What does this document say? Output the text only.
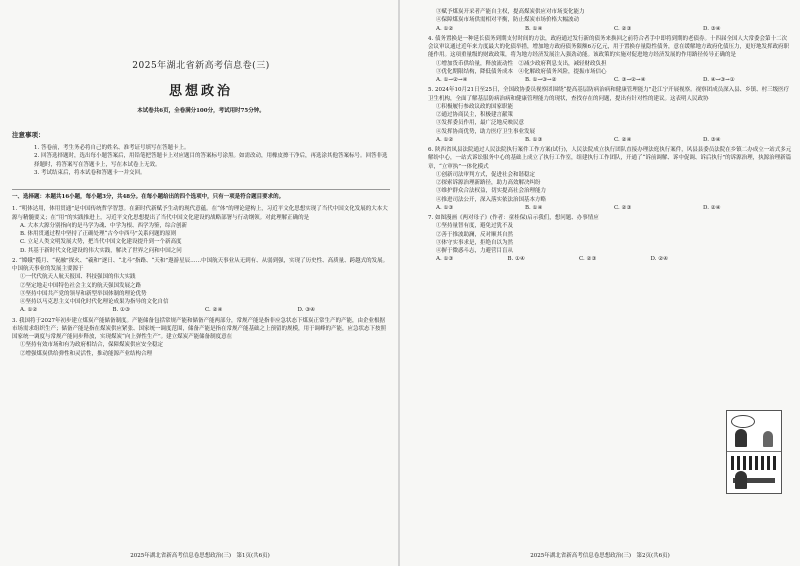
2025年湖北省新高考信息卷(三)
思想政治
本试卷共6页，全卷满分100分，考试用时75分钟。
注意事项：

1. 答卷前，考生务必将自己的姓名、准考证号填写在答题卡上。

2. 回答选择题时，选出每小题答案后，用铅笔把答题卡上对应题目的答案标号涂黑。如需改动，用橡皮擦干净后，再选涂其他答案标号。回答非选择题时，将答案写在答题卡上，写在本试卷上无效。

3. 考试结束后，将本试卷和答题卡一并交回。

一、选择题：本题共16小题，每小题3分，共48分。在每小题给出的四个选项中，只有一项是符合题目要求的。

1. “明体达用，体用贯通”是中国传统哲学智慧。在新时代新赋予生动的现代意蕴。在“体”的理论建构上，习近平文化思想实现了当代中国文化发展的大本大源与精髓要义；在“用”的实践推进上，习近平文化思想提出了当代中国文化建设的战略部署与行动纲领。对此理解正确的是

A. 大本大源分别指向的是马学为魂、中学为根、西学为鉴，综合创新

B. 体用贯通过程中坚持了正确处理“古今中西马”关系问题的原则

C. 立足人类文明发展大势，把当代中国文化建设提升到一个新高度

D. 其基于新时代文化建设的伟大实践，解决了世界之问和中国之问

2. “嫦娥”揽月、“祝融”探火、“羲和”逐日、“北斗”指路、“天和”遨游星辰……中国航天事业从无到有、从弱到强，实现了历史性、高质量、跨越式的发展。中国航天事业的发展主要源于

①一代代航天人航天报国、科技强国的伟大实践

②坚定地走中国特色社会主义的航天强国发展之路

③坚持中国共产党的领导和新型举国体制的理论优势

④坚持以马克思主义中国化时代化理论成果为指导的文化自信

A. ①②	B. ①③	C. ②④	D. ③④

3. 我国将于2027年初步建立煤炭产能储备制度。产能储备包括常规产能和储备产能两部分，常规产能是指非应急状态下煤炭正常生产的产能，由企业根据市场需求组织生产；储备产能是指在煤炭供应紧张、国家统一调度范围，储备产能是指在常规产能基础之上预留的规模，用于调峰的产能，应急状态下按照国家统一调度与常规产能同步释放，实现煤炭“向上弹性生产”。建立煤炭产能储备制度意在

①坚持有效市场和有为政府相结合，保障煤炭供应安全稳定

②增强煤炭供给弹性和灵活性，推动能源产业结构合理

2025年湖北省新高考信息卷思想政治(三)　第1页(共6页)

③赋予煤炭开采者产能自主权，提高煤炭供应对市场变化能力

④保障煤炭市场供需相对平衡，防止煤炭市场价格大幅波动

A. ①②	B. ①④	C. ②③	D. ③④

4. 债务置换是一种延长债务到期支付时间的方法，政府通过发行新的债务来换回之前符合者手中即将到期的老债券。十四届全国人大常委会第十二次会议审议通过近年来力度最大的化债举措，增加地方政府债务限额6万亿元，用于置换存量隐性债务，意在缓解地方政府化债压力，更好地发挥政府职能作用。这项重量级的财政政策，将为地方经济发展注入强劲动能。该政策的实施对促进地方经济发展的作用路径传导正确的是

①增加货币供给量，释放流动性　②减少政府利息支出，减轻财政负担

③优化期限结构，降低债务成本　④化解政府债务风险，提振市场信心

A. ①→②→④	B. ①→③→②	C. ③→②→④	D. ④→③→①

5. 2024年10月21日至25日，全国政协委员视察团围绕“提高基层防病治病和健康管理能力”赴江宁开展视察。视察团成员深入县、乡镇、村三级医疗卫生机构，全面了解基层防病治病和健康管理能力的现状，查找存在的问题，提出有针对性的建议。这表明人民政协

①积极履行参政议政的国家职能

②通过协商民主，积极建言献策

③发挥委员作用，最广泛地反映民意

④发挥协商优势，助力医疗卫生事业发展

A. ①②	B. ①③	C. ②④	D. ③④

6. 陕西省凤县法院通过人民法院执行案件工作方案(试行)，人民法院成立执行团队直接办理法庭执行案件，风县县委员法院在乡镇二办成立一站式多元解纷中心，一站式诉讼服务中心的基础上成立了执行工作室，组建执行工作团队，开通了“诉前调解、诉中促调、诉后执行”的诉源治理，执源治理新篇章，“立审执”一体化模式

①创新司法审判方式，促进社会和谐稳定

②探索诉源治理新路径，助力高效解决纠纷

③维护群众合法权益，切实提高社会治理能力

④推进司法公开，深入落实依法治国基本方略

A. ①③	B. ①④	C. ②③	D. ②④

7. 如图漫画《两对母子》(作者：童桂保)启示我们，想问题、办事情应

①坚持量智有度，避免过犹不及

②善于推波助澜，反对顺其自然

③体守实事求是，拒绝自以为然

④摒于微惑斗志，力避营目盲从

A. ①③	B. ①④	C. ②③	D. ②④
2025年湖北省新高考信息卷思想政治(三)　第2页(共6页)
